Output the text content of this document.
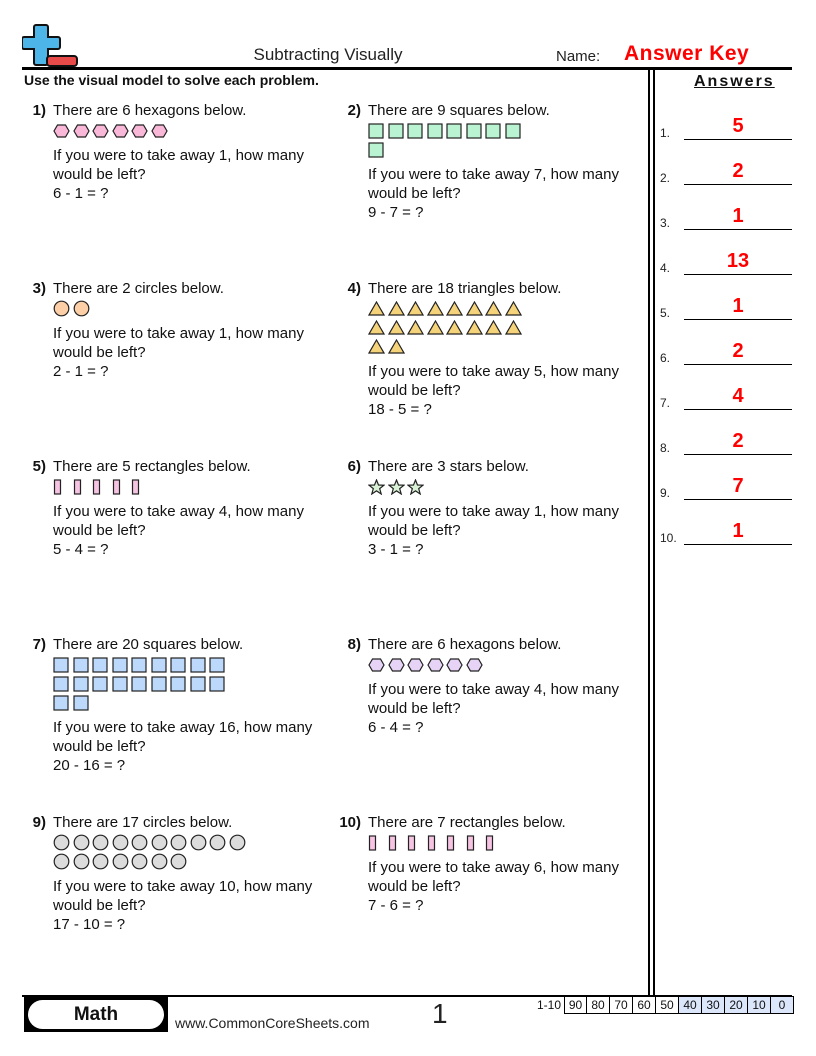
Subtracting Visually	Name: Answer Key
Use the visual model to solve each problem.	Answers
1.	5
2.	2
3.	1
4.	13
5.	1
6.	2
7.	4
8.	2
9.	7
10.	1
1) There are 6 hexagons below.
If you were to take away 1, how many
would be left?
6 - 1 = ?
2) There are 9 squares below.
If you were to take away 7, how many
would be left?
9 - 7 = ?
3) There are 2 circles below.
If you were to take away 1, how many
would be left?
2 - 1 = ?
4) There are 18 triangles below.
If you were to take away 5, how many
would be left?
18 - 5 = ?
5) There are 5 rectangles below.
If you were to take away 4, how many
would be left?
5 - 4 = ?
6) There are 3 stars below.
If you were to take away 1, how many
would be left?
3 - 1 = ?
7) There are 20 squares below.
If you were to take away 16, how many
would be left?
20 - 16 = ?
8) There are 6 hexagons below.
If you were to take away 4, how many
would be left?
6 - 4 = ?
9) There are 17 circles below.
If you were to take away 10, how many
would be left?
17 - 10 = ?
10) There are 7 rectangles below.
If you were to take away 6, how many
would be left?
7 - 6 = ?
Math	www.CommonCoreSheets.com 1	1-10 90 80 70 60 50 40 30 20 10	0
